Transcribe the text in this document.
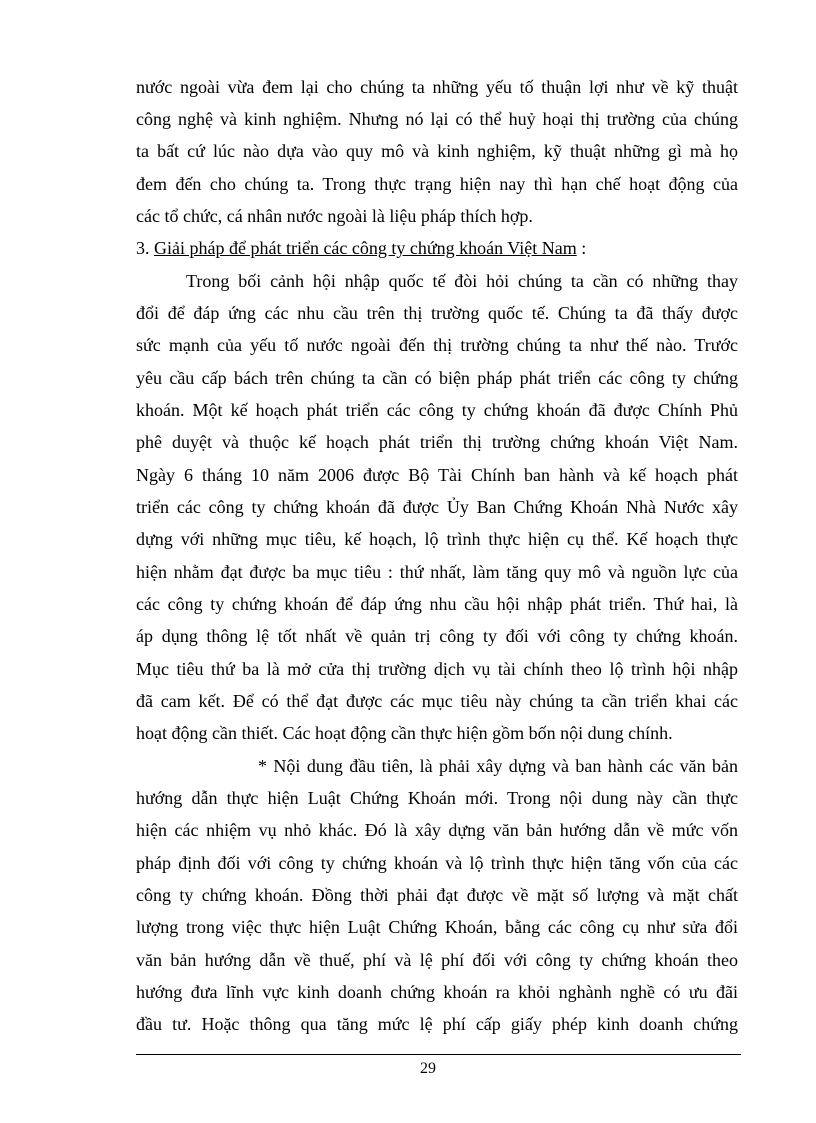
nước ngoài vừa đem lại cho chúng ta những yếu tố thuận lợi như về kỹ thuật
công nghệ và kinh nghiệm. Nhưng nó lại có thể huỷ hoại thị trường của chúng
ta bất cứ lúc nào dựa vào quy mô và kinh nghiệm, kỹ thuật những gì mà họ
đem đến cho chúng ta. Trong thực trạng hiện nay thì hạn chế hoạt động của
các tổ chức, cá nhân nước ngoài là liệu pháp thích hợp.
3. Giải pháp để phát triển các công ty chứng khoán Việt Nam :
Trong bối cảnh hội nhập quốc tế đòi hỏi chúng ta cần có những thay
đổi để đáp ứng các nhu cầu trên thị trường quốc tế. Chúng ta đã thấy được
sức mạnh của yếu tố nước ngoài đến thị trường chúng ta như thế nào. Trước
yêu cầu cấp bách trên chúng ta cần có biện pháp phát triển các công ty chứng
khoán. Một kế hoạch phát triển các công ty chứng khoán đã được Chính Phủ
phê duyệt và thuộc kế hoạch phát triển thị trường chứng khoán Việt Nam.
Ngày 6 tháng 10 năm 2006 được Bộ Tài Chính ban hành và kế hoạch phát
triển các công ty chứng khoán đã được Ủy Ban Chứng Khoán Nhà Nước xây
dựng với những mục tiêu, kế hoạch, lộ trình thực hiện cụ thể. Kế hoạch thực
hiện nhằm đạt được ba mục tiêu : thứ nhất, làm tăng quy mô và nguồn lực của
các công ty chứng khoán để đáp ứng nhu cầu hội nhập phát triển. Thứ hai, là
áp dụng thông lệ tốt nhất về quản trị công ty đối với công ty chứng khoán.
Mục tiêu thứ ba là mở cửa thị trường dịch vụ tài chính theo lộ trình hội nhập
đã cam kết. Để có thể đạt được các mục tiêu này chúng ta cần triển khai các
hoạt động cần thiết. Các hoạt động cần thực hiện gồm bốn nội dung chính.
* Nội dung đầu tiên, là phải xây dựng và ban hành các văn bản
hướng dẫn thực hiện Luật Chứng Khoán mới. Trong nội dung này cần thực
hiện các nhiệm vụ nhỏ khác. Đó là xây dựng văn bản hướng dẫn về mức vốn
pháp định đối với công ty chứng khoán và lộ trình thực hiện tăng vốn của các
công ty chứng khoán. Đồng thời phải đạt được về mặt số lượng và mặt chất
lượng trong việc thực hiện Luật Chứng Khoán, bằng các công cụ như sửa đổi
văn bản hướng dẫn về thuế, phí và lệ phí đối với công ty chứng khoán theo
hướng đưa lĩnh vực kinh doanh chứng khoán ra khỏi nghành nghề có ưu đãi
đầu tư. Hoặc thông qua tăng mức lệ phí cấp giấy phép kinh doanh chứng
29
